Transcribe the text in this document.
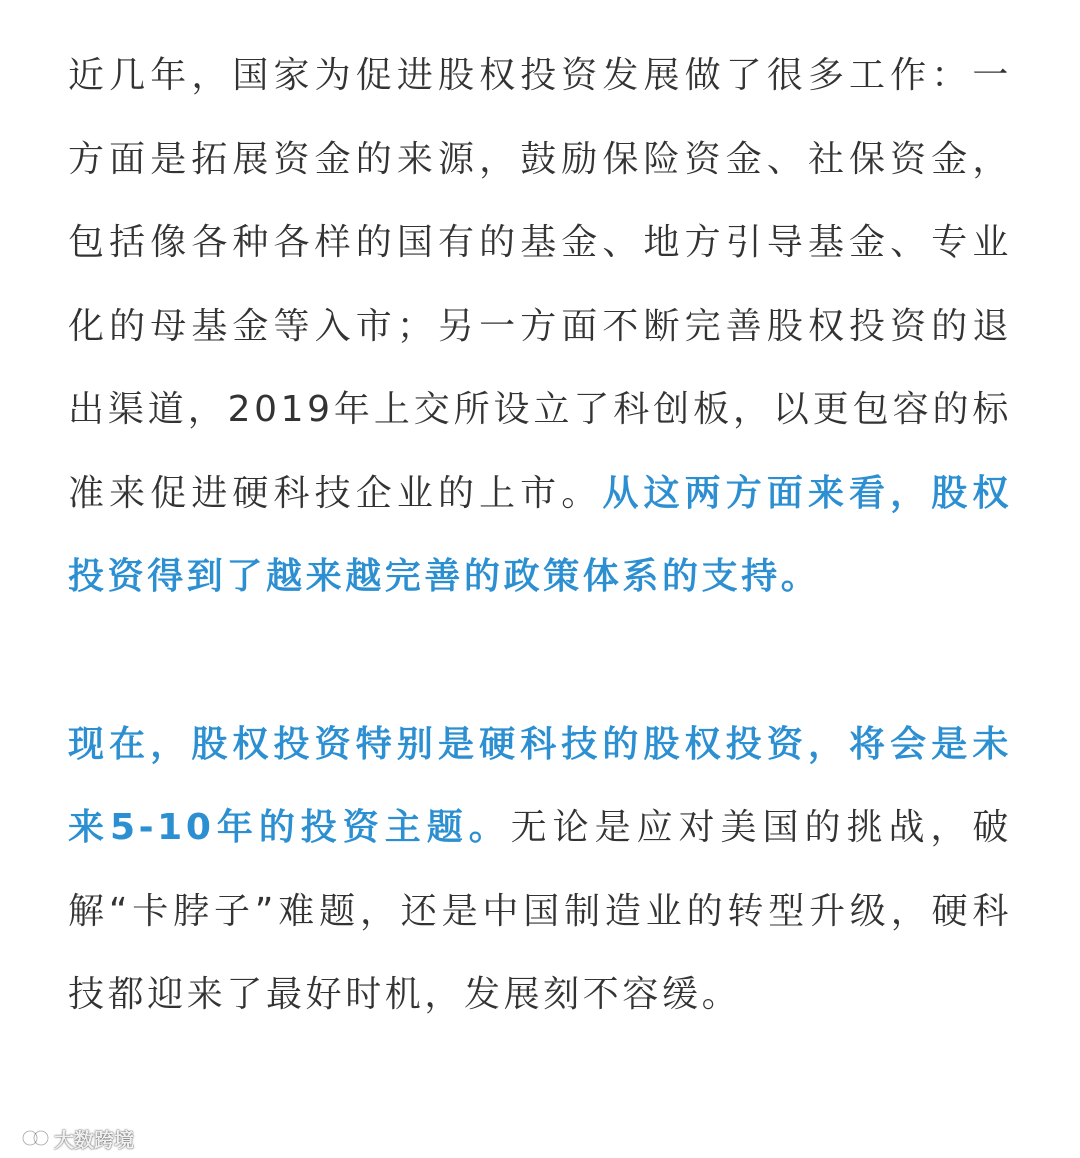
近几年，国家为促进股权投资发展做了很多工作：一方面是拓展资金的来源，鼓励保险资金、社保资金，包括像各种各样的国有的基金、地方引导基金、专业化的母基金等入市；另一方面不断完善股权投资的退出渠道，2019年上交所设立了科创板，以更包容的标准来促进硬科技企业的上市。从这两方面来看，股权投资得到了越来越完善的政策体系的支持。

现在，股权投资特别是硬科技的股权投资，将会是未来5-10年的投资主题。无论是应对美国的挑战，破解“卡脖子”难题，还是中国制造业的转型升级，硬科技都迎来了最好时机，发展刻不容缓。

大数跨境
